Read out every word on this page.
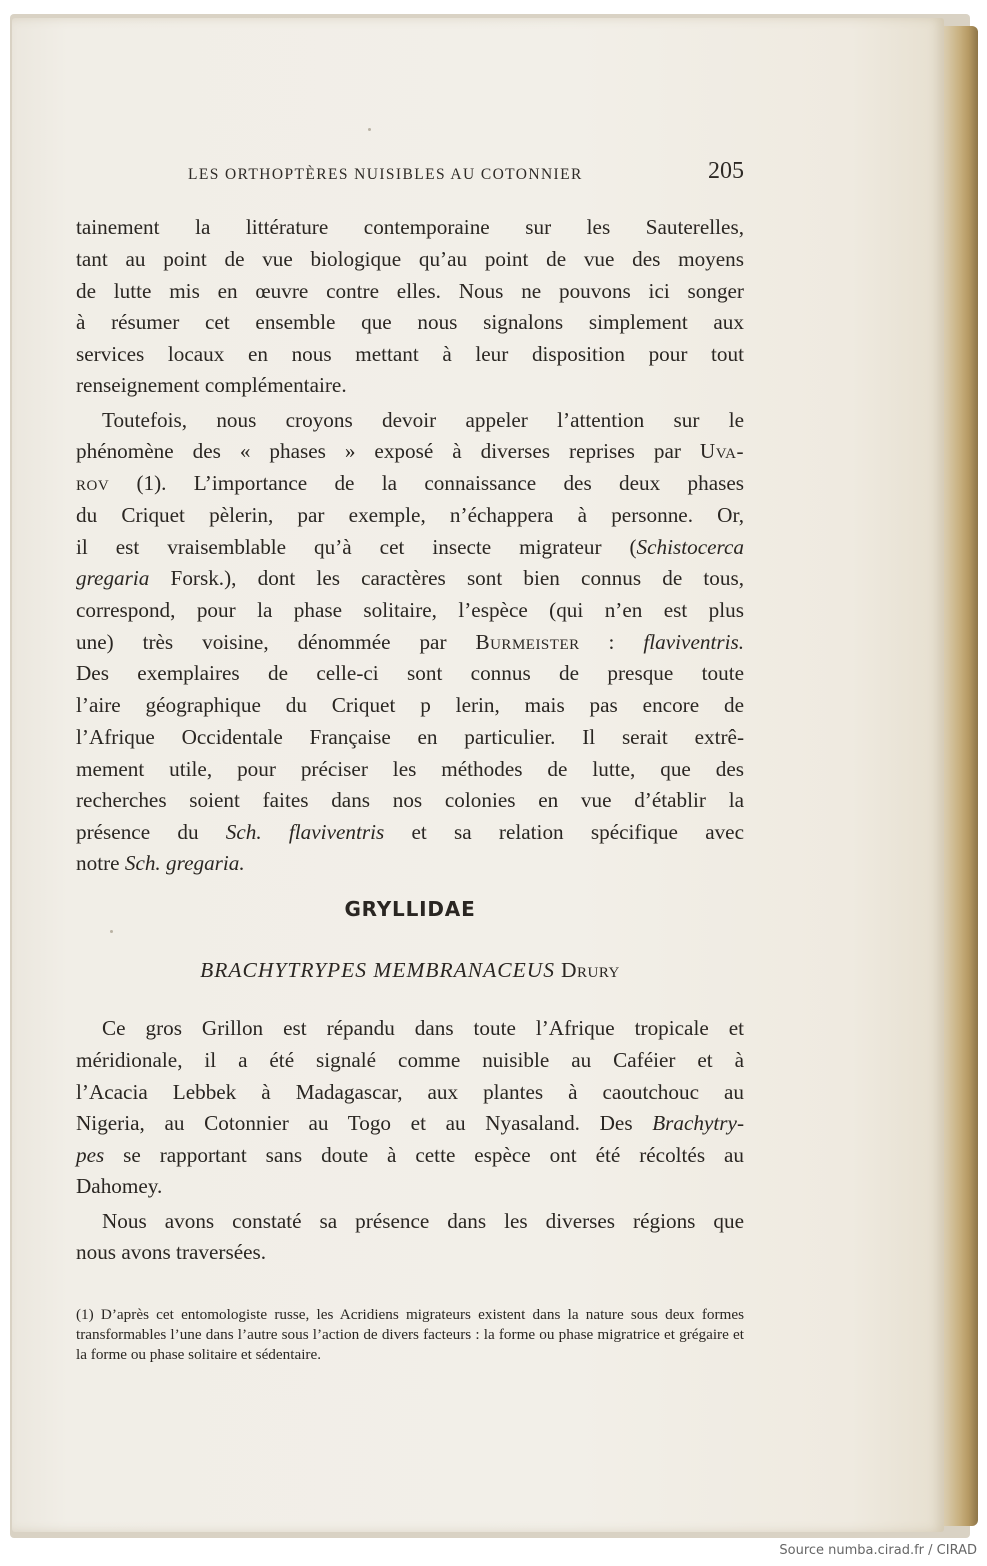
LES ORTHOPTÈRES NUISIBLES AU COTONNIER	205

tainement la littérature contemporaine sur les Sauterelles,

tant au point de vue biologique qu’au point de vue des moyens

de lutte mis en œuvre contre elles. Nous ne pouvons ici songer

à résumer cet ensemble que nous signalons simplement aux

services locaux en nous mettant à leur disposition pour tout

renseignement complémentaire.

Toutefois, nous croyons devoir appeler l’attention sur le

phénomène des « phases » exposé à diverses reprises par Uva-

rov (1). L’importance de la connaissance des deux phases

du Criquet pèlerin, par exemple, n’échappera à personne. Or,

il est vraisemblable qu’à cet insecte migrateur (Schistocerca

gregaria Forsk.), dont les caractères sont bien connus de tous,

correspond, pour la phase solitaire, l’espèce (qui n’en est plus

une) très voisine, dénommée par Burmeister : flaviventris.

Des exemplaires de celle-ci sont connus de presque toute

l’aire géographique du Criquet p lerin, mais pas encore de

l’Afrique Occidentale Française en particulier. Il serait extrê-

mement utile, pour préciser les méthodes de lutte, que des

recherches soient faites dans nos colonies en vue d’établir la

présence du Sch. flaviventris et sa relation spécifique avec

notre Sch. gregaria.

GRYLLIDAE
BRACHYTRYPES MEMBRANACEUS Drury

Ce gros Grillon est répandu dans toute l’Afrique tropicale et

méridionale, il a été signalé comme nuisible au Caféier et à

l’Acacia Lebbek à Madagascar, aux plantes à caoutchouc au

Nigeria, au Cotonnier au Togo et au Nyasaland. Des Brachytry-

pes se rapportant sans doute à cette espèce ont été récoltés au

Dahomey.

Nous avons constaté sa présence dans les diverses régions que

nous avons traversées.

(1) D’après cet entomologiste russe, les Acridiens migrateurs existent dans la nature sous deux formes transformables l’une dans l’autre sous l’action de divers facteurs : la forme ou phase migratrice et grégaire et la forme ou phase solitaire et sédentaire.
Source numba.cirad.fr / CIRAD
